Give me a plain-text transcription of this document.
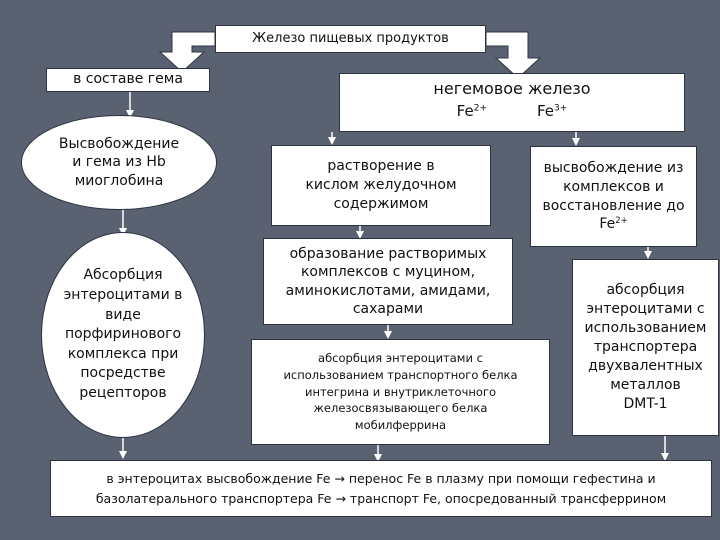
Железо пищевых продуктов
в составе гема
Высвобождение
и гема из Hb
миоглобина
Абсорбция
энтероцитами в
виде
порфиринового
комплекса при
посредстве
рецепторов
негемовое железо
$Fe^{2+}$	$Fe^{3+}$
растворение в
кислом желудочном
содержимом
образование растворимых
комплексов с муцином,
аминокислотами, амидами,
сахарами
абсорбция энтероцитами с
использованием транспортного белка
интегрина и внутриклеточного
железосвязывающего белка
мобилферрина
высвобождение из
комплексов и
восстановление до
$Fe^{2+}$
абсорбция
энтероцитами с
использованием
транспортера
двухвалентных
металлов
DMT-1
в энтероцитах высвобождение Fe → перенос Fe в плазму при помощи гефестина и
базолатерального транспортера Fe → транспорт Fe, опосредованный трансферрином
